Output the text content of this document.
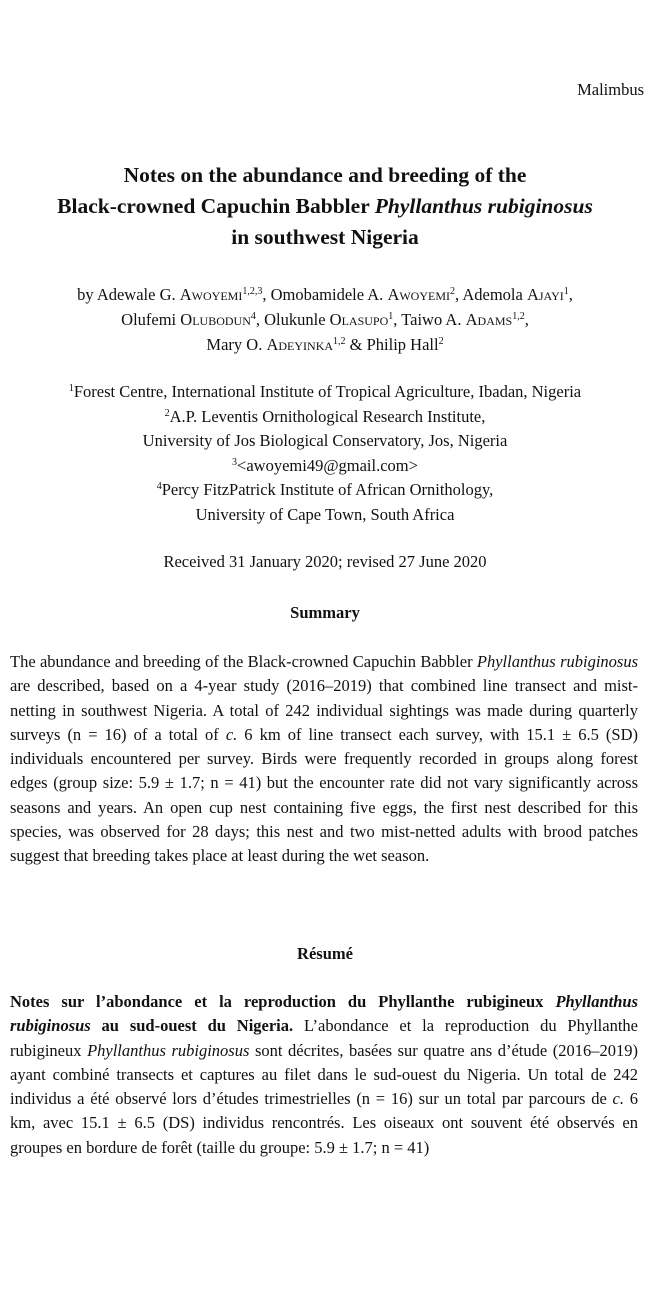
Malimbus
Notes on the abundance and breeding of the
Black-crowned Capuchin Babbler Phyllanthus rubiginosus
in southwest Nigeria
by Adewale G. Awoyemi$^{1,2,3}$, Omobamidele A. Awoyemi$^2$, Ademola Ajayi$^1$,
Olufemi Olubodun$^4$, Olukunle Olasupo$^1$, Taiwo A. Adams$^{1,2}$,
Mary O. Adeyinka$^{1,2}$ & Philip Hall$^2$
$^1$Forest Centre, International Institute of Tropical Agriculture, Ibadan, Nigeria
$^2$A.P. Leventis Ornithological Research Institute,
University of Jos Biological Conservatory, Jos, Nigeria
$^3$<awoyemi49@gmail.com>
$^4$Percy FitzPatrick Institute of African Ornithology,
University of Cape Town, South Africa
Received 31 January 2020; revised 27 June 2020
Summary

The abundance and breeding of the Black-crowned Capuchin Babbler Phyllanthus rubiginosus are described, based on a 4-year study (2016–2019) that combined line transect and mist-netting in southwest Nigeria. A total of 242 individual sightings was made during quarterly surveys (n = 16) of a total of c. 6 km of line transect each survey, with 15.1 ± 6.5 (SD) individuals encountered per survey. Birds were frequently recorded in groups along forest edges (group size: 5.9 ± 1.7; n = 41) but the encounter rate did not vary significantly across seasons and years. An open cup nest containing five eggs, the first nest described for this species, was observed for 28 days; this nest and two mist-netted adults with brood patches suggest that breeding takes place at least during the wet season.

Résumé

Notes sur l’abondance et la reproduction du Phyllanthe rubigineux Phyllanthus rubiginosus au sud-ouest du Nigeria. L’abondance et la reproduction du Phyllanthe rubigineux Phyllanthus rubiginosus sont décrites, basées sur quatre ans d’étude (2016–2019) ayant combiné transects et captures au filet dans le sud-ouest du Nigeria. Un total de 242 individus a été observé lors d’études trimestrielles (n = 16) sur un total par parcours de c. 6 km, avec 15.1 ± 6.5 (DS) individus rencontrés. Les oiseaux ont souvent été observés en groupes en bordure de forêt (taille du groupe: 5.9 ± 1.7; n = 41)
